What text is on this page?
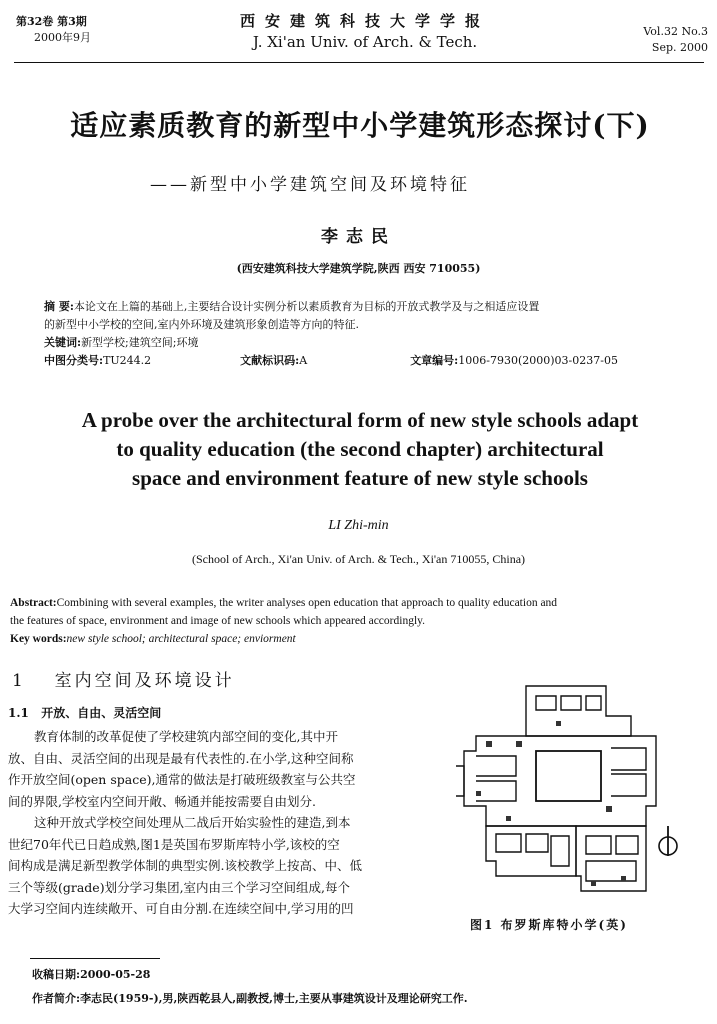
第32卷 第3期
2000年9月
西安建筑科技大学学报
J. Xi'an Univ. of Arch. & Tech.
Vol.32 No.3
Sep. 2000
适应素质教育的新型中小学建筑形态探讨(下)
——新型中小学建筑空间及环境特征
李志民
(西安建筑科技大学建筑学院,陕西 西安 710055)
摘 要:本论文在上篇的基础上,主要结合设计实例分析以素质教育为目标的开放式教学及与之相适应设置
的新型中小学校的空间,室内外环境及建筑形象创造等方向的特征.
关键词:新型学校;建筑空间;环境
中图分类号:TU244.2	文献标识码:A	文章编号:1006-7930(2000)03-0237-05
A probe over the architectural form of new style schools adapt
to quality education (the second chapter) architectural
space and environment feature of new style schools
LI Zhi-min
(School of Arch., Xi'an Univ. of Arch. & Tech., Xi'an 710055, China)
Abstract:Combining with several examples, the writer analyses open education that approach to quality education and
the features of space, environment and image of new schools which appeared accordingly.
Key words:new style school; architectural space; enviorment
1 室内空间及环境设计
1.1 开放、自由、灵活空间

教育体制的改革促使了学校建筑内部空间的变化,其中开

放、自由、灵活空间的出现是最有代表性的.在小学,这种空间称

作开放空间(open space),通常的做法是打破班级教室与公共空

间的界限,学校室内空间开敞、畅通并能按需要自由划分.

这种开放式学校空间处理从二战后开始实验性的建造,到本

世纪70年代已日趋成熟,图1是英国布罗斯库特小学,该校的空

间构成是满足新型教学体制的典型实例.该校教学上按高、中、低

三个等级(grade)划分学习集团,室内由三个学习空间组成,每个

大学习空间内连续敞开、可自由分割.在连续空间中,学习用的凹

图1 布罗斯库特小学(英)
收稿日期:2000-05-28
作者简介:李志民(1959-),男,陕西乾县人,副教授,博士,主要从事建筑设计及理论研究工作.
